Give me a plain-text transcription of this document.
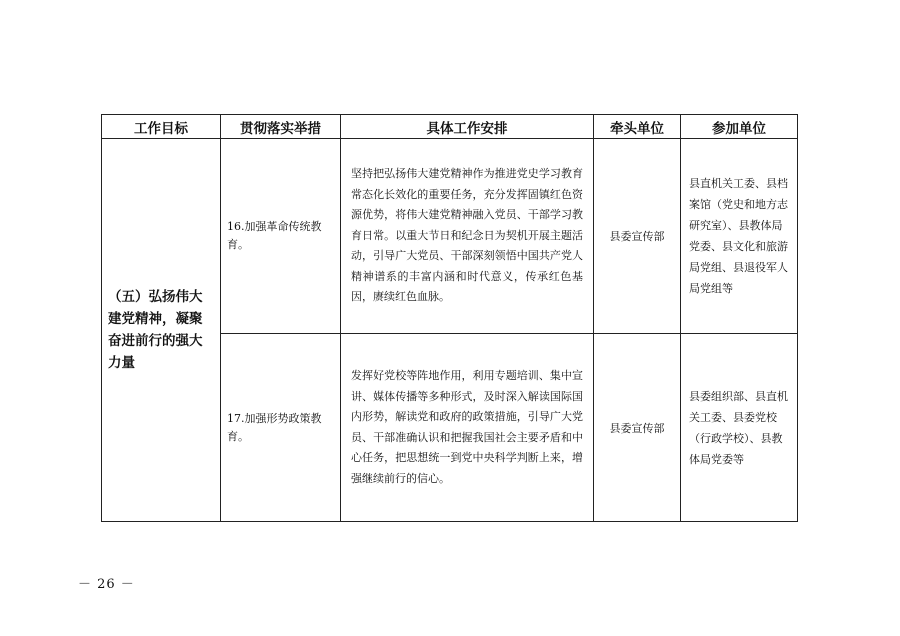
工作目标	贯彻落实举措	具体工作安排	牵头单位	参加单位
（五）弘扬伟大建党精神，凝聚奋进前行的强大力量	16.加强革命传统教育。	坚持把弘扬伟大建党精神作为推进党史学习教育常态化长效化的重要任务，充分发挥固镇红色资源优势，将伟大建党精神融入党员、干部学习教育日常。以重大节日和纪念日为契机开展主题活动，引导广大党员、干部深刻领悟中国共产党人精神谱系的丰富内涵和时代意义，传承红色基因，赓续红色血脉。	县委宣传部	县直机关工委、县档案馆（党史和地方志研究室）、县教体局党委、县文化和旅游局党组、县退役军人局党组等
	17.加强形势政策教育。	发挥好党校等阵地作用，利用专题培训、集中宣讲、媒体传播等多种形式，及时深入解读国际国内形势，解读党和政府的政策措施，引导广大党员、干部准确认识和把握我国社会主要矛盾和中心任务，把思想统一到党中央科学判断上来，增强继续前行的信心。	县委宣传部	县委组织部、县直机关工委、县委党校（行政学校）、县教体局党委等
－ 26 －
